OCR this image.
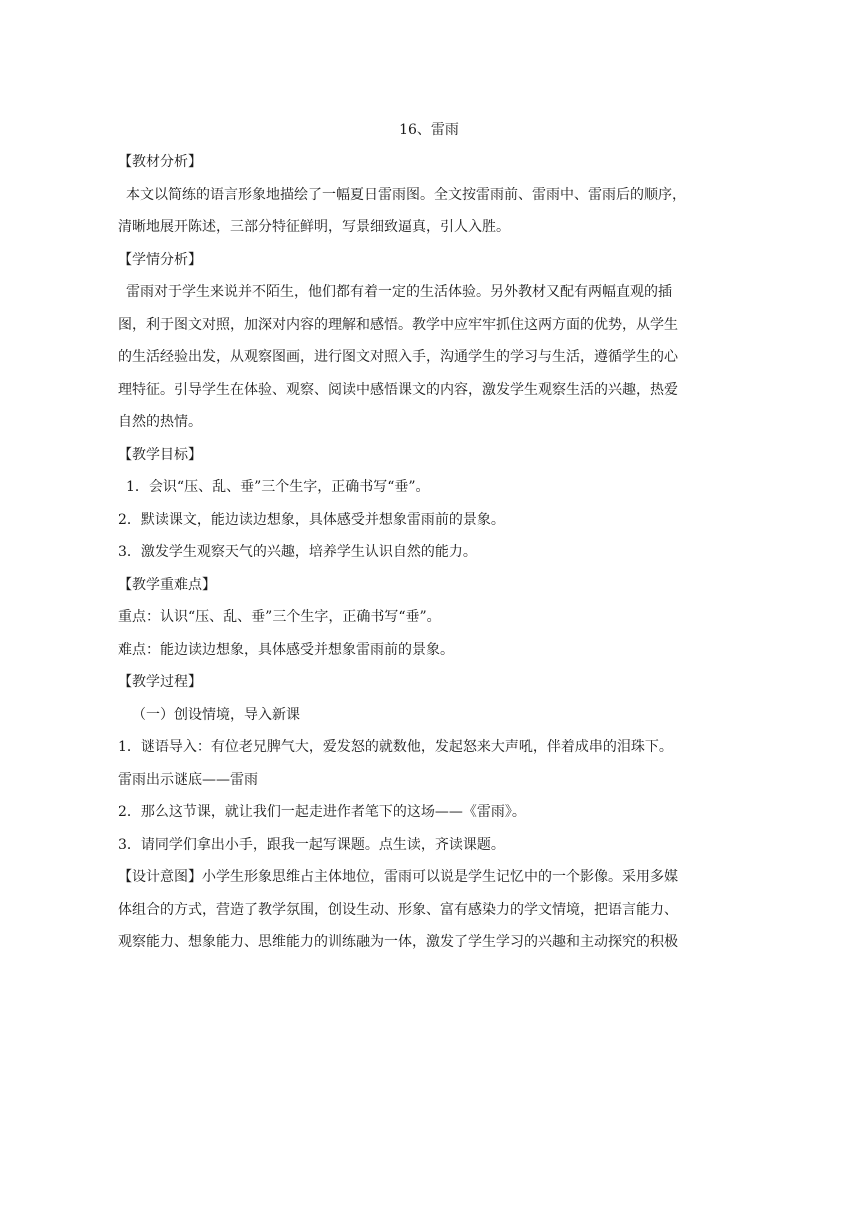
16、雷雨

【教材分析】

本文以简练的语言形象地描绘了一幅夏日雷雨图。全文按雷雨前、雷雨中、雷雨后的顺序，

清晰地展开陈述，三部分特征鲜明，写景细致逼真，引人入胜。

【学情分析】

雷雨对于学生来说并不陌生，他们都有着一定的生活体验。另外教材又配有两幅直观的插

图，利于图文对照，加深对内容的理解和感悟。教学中应牢牢抓住这两方面的优势，从学生

的生活经验出发，从观察图画，进行图文对照入手，沟通学生的学习与生活，遵循学生的心

理特征。引导学生在体验、观察、阅读中感悟课文的内容，激发学生观察生活的兴趣，热爱

自然的热情。

【教学目标】

1．会识“压、乱、垂”三个生字，正确书写“垂”。

2．默读课文，能边读边想象，具体感受并想象雷雨前的景象。

3．激发学生观察天气的兴趣，培养学生认识自然的能力。

【教学重难点】

重点：认识“压、乱、垂”三个生字，正确书写“垂”。

难点：能边读边想象，具体感受并想象雷雨前的景象。

【教学过程】

（一）创设情境，导入新课

1．谜语导入：有位老兄脾气大，爱发怒的就数他，发起怒来大声吼，伴着成串的泪珠下。

雷雨出示谜底——雷雨

2．那么这节课，就让我们一起走进作者笔下的这场——《雷雨》。

3．请同学们拿出小手，跟我一起写课题。点生读，齐读课题。

【设计意图】小学生形象思维占主体地位，雷雨可以说是学生记忆中的一个影像。采用多媒

体组合的方式，营造了教学氛围，创设生动、形象、富有感染力的学文情境，把语言能力、

观察能力、想象能力、思维能力的训练融为一体，激发了学生学习的兴趣和主动探究的积极
